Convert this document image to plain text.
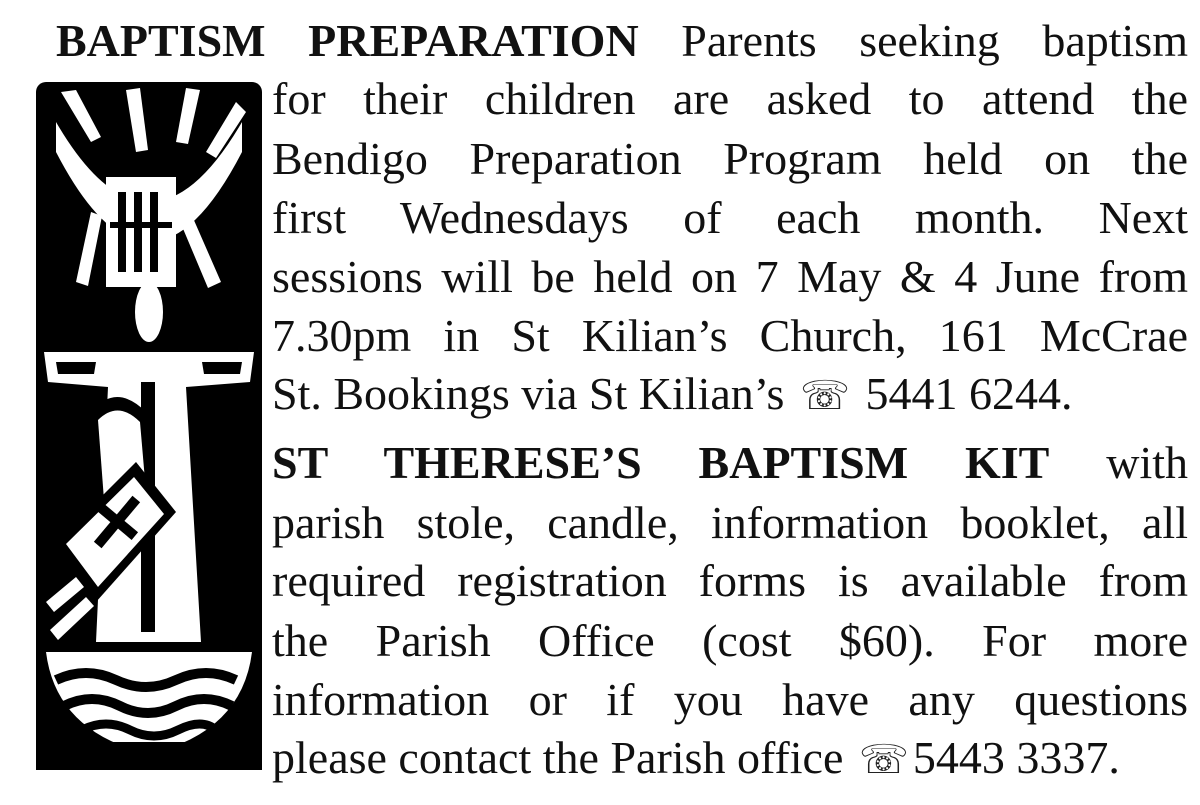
BAPTISM PREPARATION Parents seeking baptism
for their children are asked to attend the
Bendigo Preparation Program held on the
first Wednesdays of each month. Next
sessions will be held on 7 May & 4 June from
7.30pm in St Kilian’s Church, 161 McCrae
St. Bookings via St Kilian’s ☏ 5441 6244.
ST THERESE’S BAPTISM KIT with
parish stole, candle, information booklet, all
required registration forms is available from
the Parish Office (cost $60). For more
information or if you have any questions
please contact the Parish office ☏5443 3337.
